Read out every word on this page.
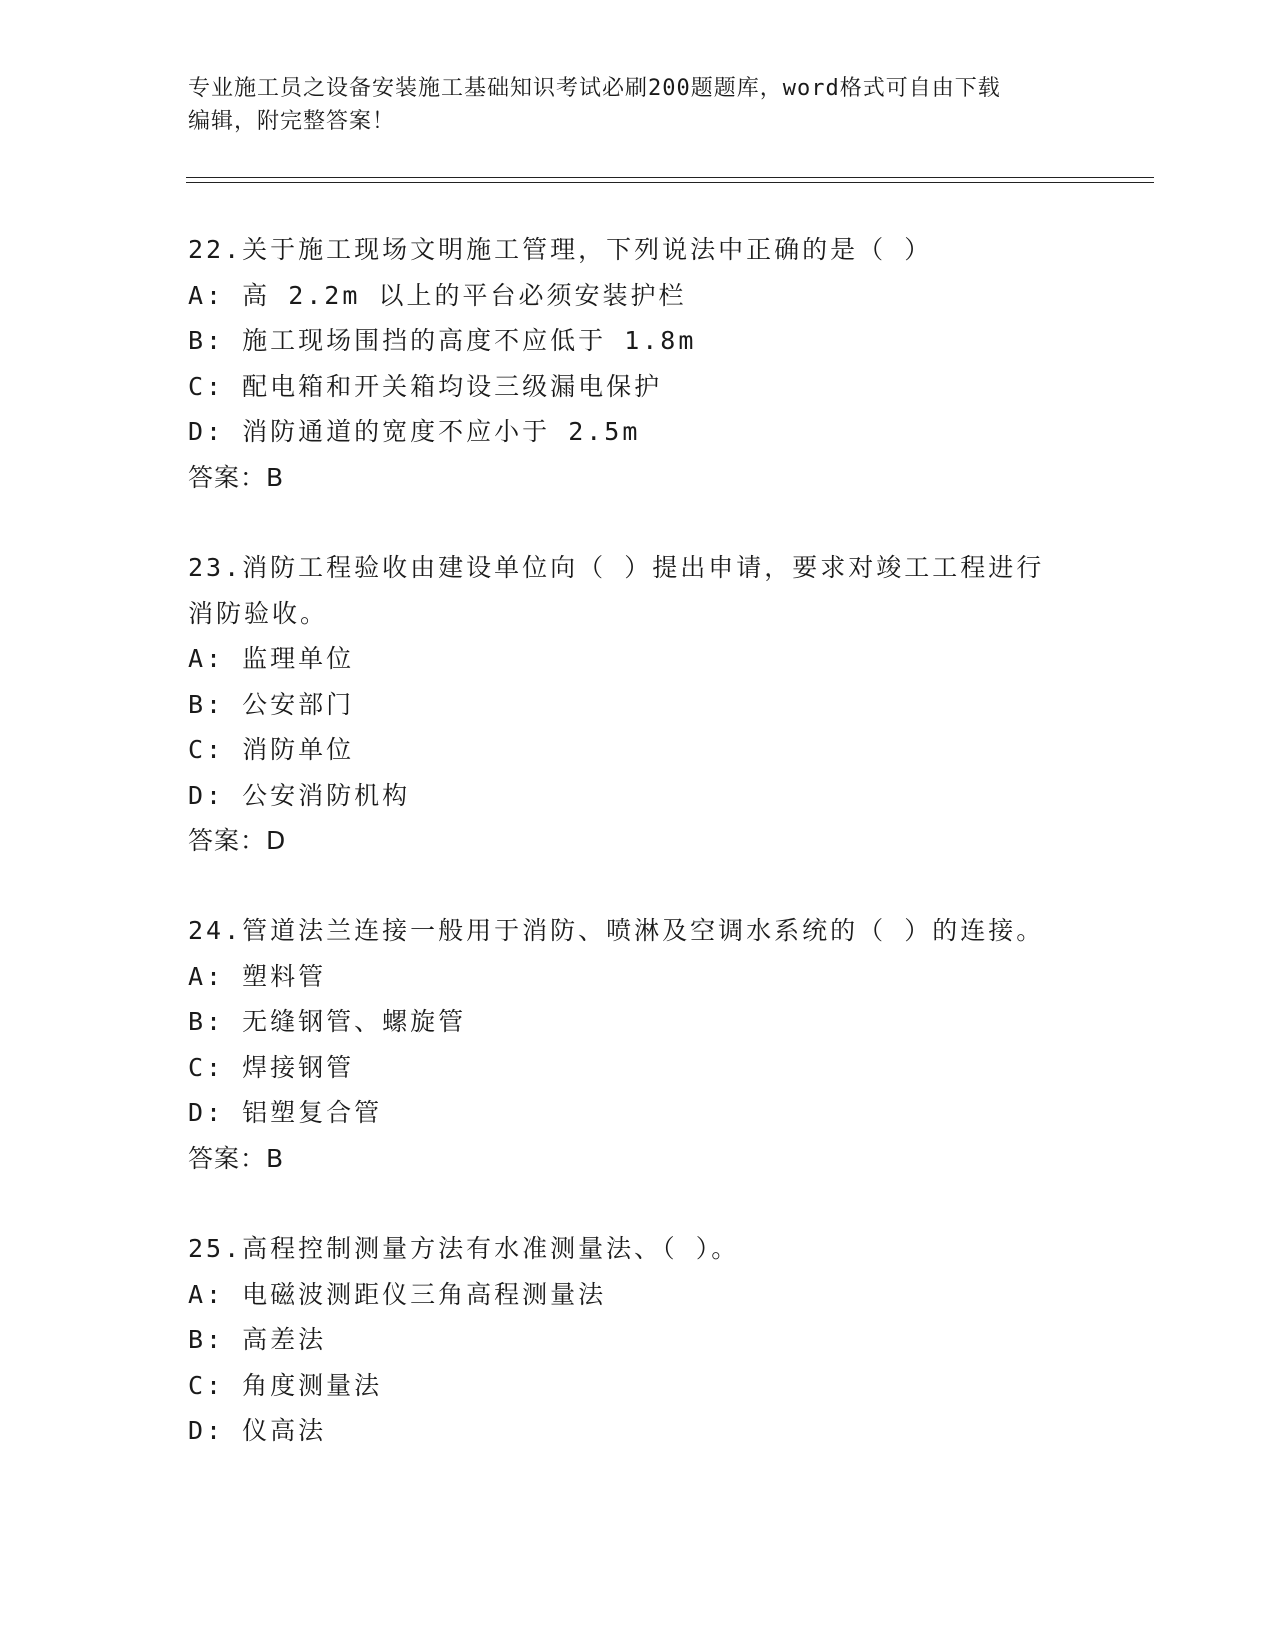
专业施工员之设备安装施工基础知识考试必刷200题题库，word格式可自由下载
编辑，附完整答案！
22.关于施工现场文明施工管理，下列说法中正确的是（ ）
A: 高 2.2m 以上的平台必须安装护栏
B: 施工现场围挡的高度不应低于 1.8m
C: 配电箱和开关箱均设三级漏电保护
D: 消防通道的宽度不应小于 2.5m
答案：B
23.消防工程验收由建设单位向（ ）提出申请，要求对竣工工程进行
消防验收。
A: 监理单位
B: 公安部门
C: 消防单位
D: 公安消防机构
答案：D
24.管道法兰连接一般用于消防、喷淋及空调水系统的（ ）的连接。
A: 塑料管
B: 无缝钢管、螺旋管
C: 焊接钢管
D: 铝塑复合管
答案：B
25.高程控制测量方法有水准测量法、（ ）。
A: 电磁波测距仪三角高程测量法
B: 高差法
C: 角度测量法
D: 仪高法
